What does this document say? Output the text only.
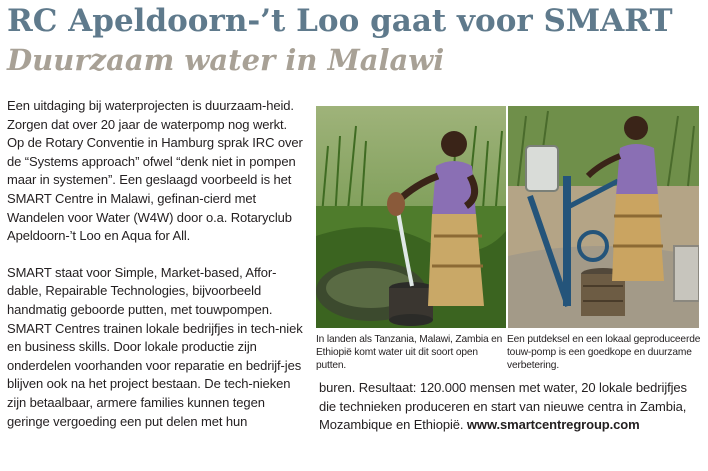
RC Apeldoorn-’t Loo gaat voor SMART
Duurzaam water in Malawi

Een uitdaging bij waterprojecten is duurzaam-heid. Zorgen dat over 20 jaar de waterpomp nog werkt. Op de Rotary Conventie in Hamburg sprak IRC over de “Systems approach” ofwel “denk niet in pompen maar in systemen”. Een geslaagd voorbeeld is het SMART Centre in Malawi, gefinan-cierd met Wandelen voor Water (W4W) door o.a. Rotaryclub Apeldoorn-’t Loo en Aqua for All.

SMART staat voor Simple, Market-based, Affor-dable, Repairable Technologies, bijvoorbeeld handmatig geboorde putten, met touwpompen. SMART Centres trainen lokale bedrijfjes in tech-niek en business skills. Door lokale productie zijn onderdelen voorhanden voor reparatie en bedrijf-jes blijven ook na het project bestaan. De tech-nieken zijn betaalbaar, armere families kunnen tegen geringe vergoeding een put delen met hun

In landen als Tanzania, Malawi, Zambia en Ethiopië komt water uit dit soort open putten.
Een putdeksel en een lokaal geproduceerde touw-pomp is een goedkope en duurzame verbetering.
buren. Resultaat: 120.000 mensen met water, 20 lokale bedrijfjes die technieken produceren en start van nieuwe centra in Zambia, Mozambique en Ethiopië. www.smartcentregroup.com
